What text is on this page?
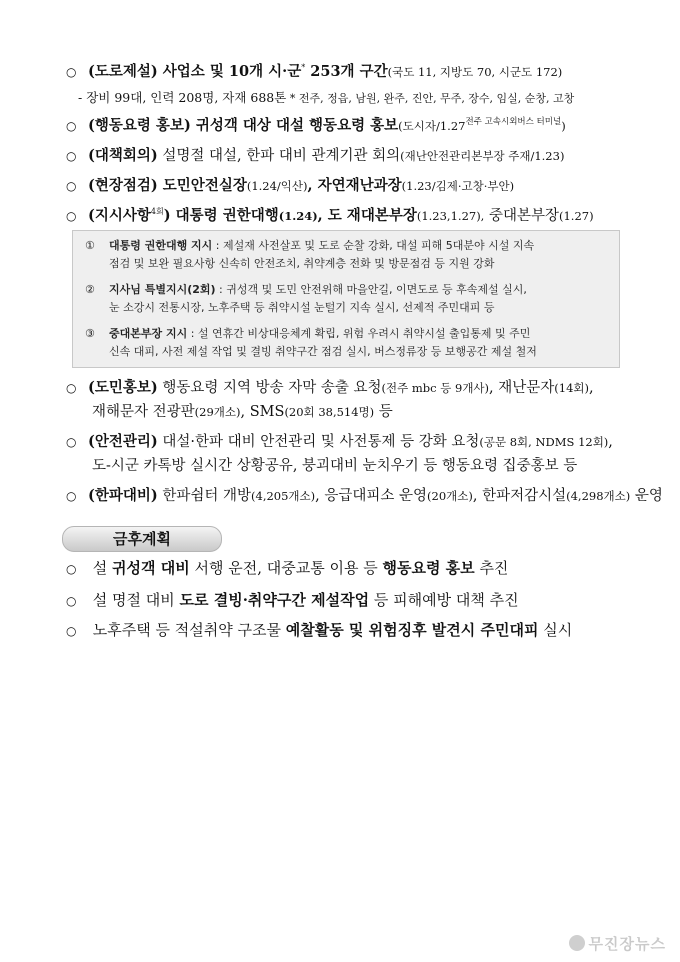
○ (도로제설) 사업소 및 10개 시·군* 253개 구간(국도 11, 지방도 70, 시군도 172)
- 장비 99대, 인력 208명, 자재 688톤 * 전주, 정읍, 남원, 완주, 진안, 무주, 장수, 임실, 순창, 고창
○ (행동요령 홍보) 귀성객 대상 대설 행동요령 홍보(도시자$/1.27^{전주 고속시외버스 터미널}$)
○ (대책회의) 설명절 대설, 한파 대비 관계기관 회의(재난안전관리본부장 주재/1.23)
○ (현장점검) 도민안전실장(1.24/익산), 자연재난과장(1.23/김제·고창·부안)
○ (지시사항$^{4회}$) 대통령 권한대행(1.24), 도 재대본부장(1.23,1.27), 중대본부장(1.27)
① 대통령 권한대행 지시 : 제설재 사전살포 및 도로 순찰 강화, 대설 피해 5대분야 시설 지속
점검 및 보완 필요사항 신속히 안전조치, 취약계층 전화 및 방문점검 등 지원 강화
② 지사님 특별지시(2회) : 귀성객 및 도민 안전위해 마을안길, 이면도로 등 후속제설 실시,
눈 소강시 전통시장, 노후주택 등 취약시설 눈털기 지속 실시, 선제적 주민대피 등
③ 중대본부장 지시 : 설 연휴간 비상대응체계 확립, 위험 우려시 취약시설 출입통제 및 주민
신속 대피, 사전 제설 작업 및 결빙 취약구간 점검 실시, 버스정류장 등 보행공간 제설 철저
○ (도민홍보) 행동요령 지역 방송 자막 송출 요청(전주 mbc 등 9개사), 재난문자(14회),
재해문자 전광판(29개소), SMS(20회 38,514명) 등
○ (안전관리) 대설·한파 대비 안전관리 및 사전통제 등 강화 요청(공문 8회, NDMS 12회),
도-시군 카톡방 실시간 상황공유, 붕괴대비 눈치우기 등 행동요령 집중홍보 등
○ (한파대비) 한파쉼터 개방(4,205개소), 응급대피소 운영(20개소), 한파저감시설(4,298개소) 운영
금후계획
○ 설 귀성객 대비 서행 운전, 대중교통 이용 등 행동요령 홍보 추진
○ 설 명절 대비 도로 결빙·취약구간 제설작업 등 피해예방 대책 추진
○ 노후주택 등 적설취약 구조물 예찰활동 및 위험징후 발견시 주민대피 실시
무진장뉴스
